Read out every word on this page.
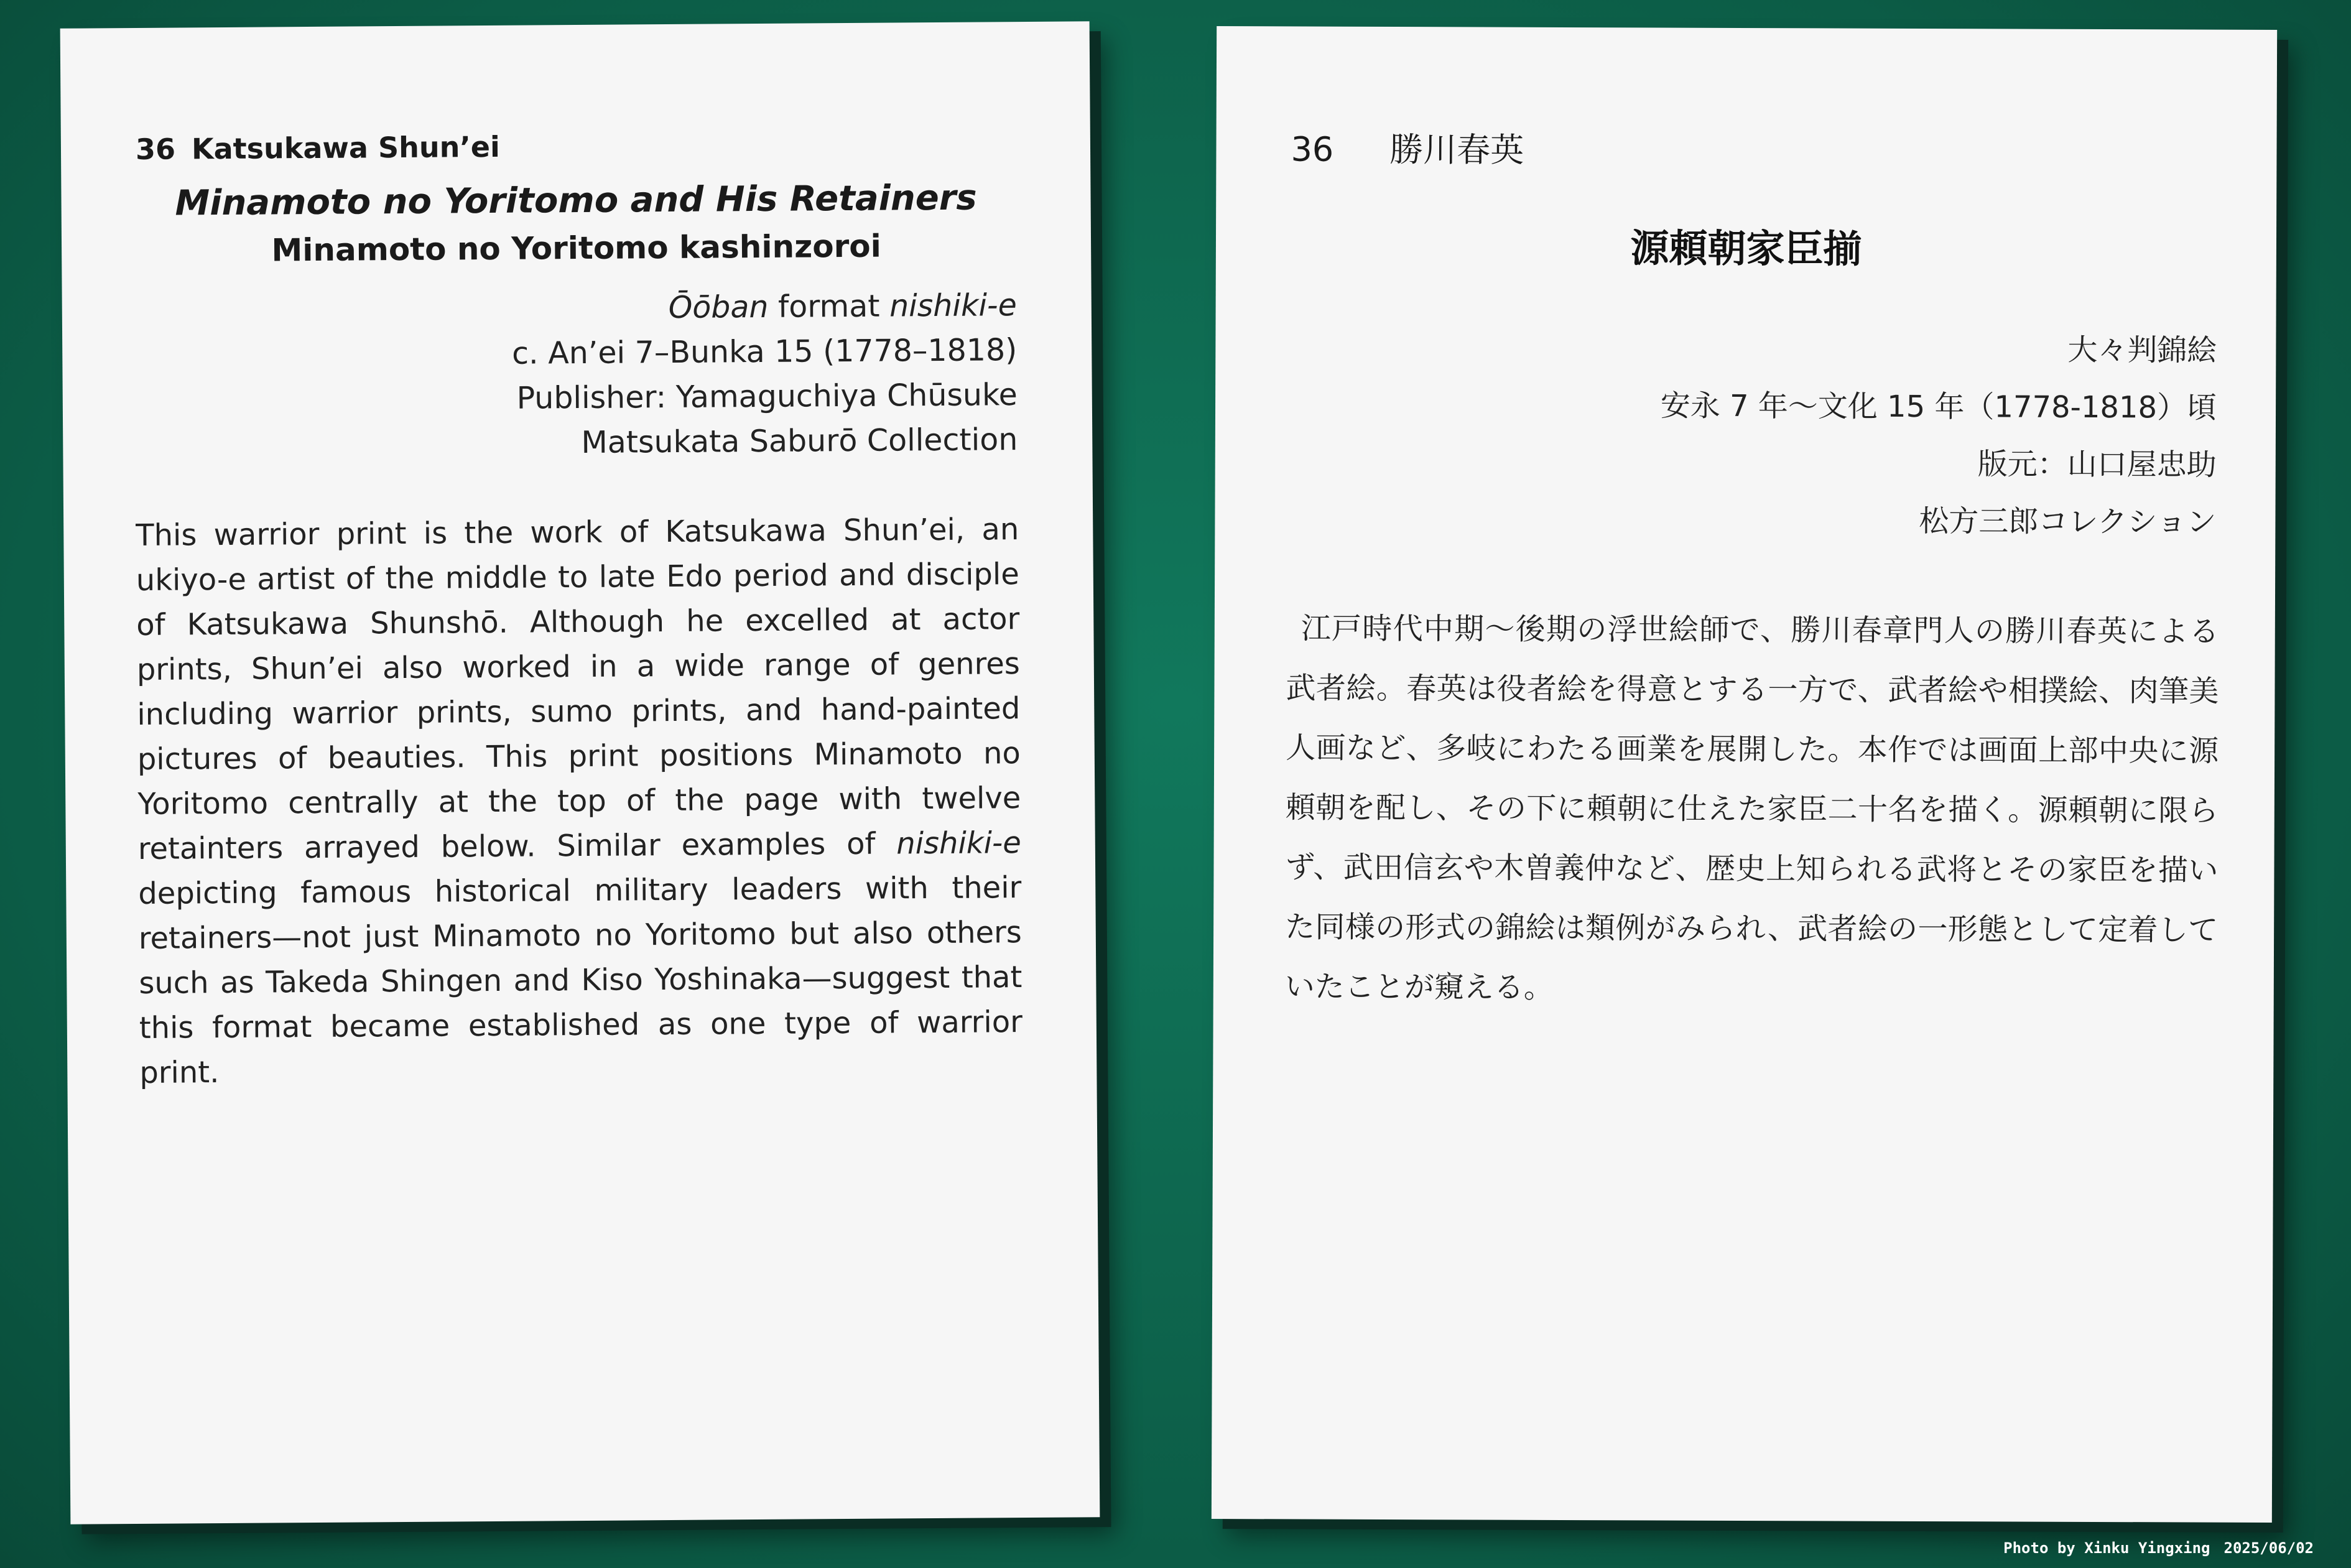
36 Katsukawa Shun’ei
Minamoto no Yoritomo and His Retainers
Minamoto no Yoritomo kashinzoroi
Ōōban format nishiki-e
c. An’ei 7–Bunka 15 (1778–1818)
Publisher: Yamaguchiya Chūsuke
Matsukata Saburō Collection
This warrior print is the work of Katsukawa Shun’ei, an ukiyo-e artist of the middle to late Edo period and disciple of Katsukawa Shunshō. Although he excelled at actor prints, Shun’ei also worked in a wide range of genres including warrior prints, sumo prints, and hand-painted pictures of beauties. This print positions Minamoto no Yoritomo centrally at the top of the page with twelve retainters arrayed below. Similar examples of nishiki-e depicting famous historical military leaders with their retainers—not just Minamoto no Yoritomo but also others such as Takeda Shingen and Kiso Yoshinaka—suggest that this format became established as one type of warrior print.
36 勝川春英
源頼朝家臣揃
大々判錦絵
安永 7 年～文化 15 年（1778-1818）頃
版元：山口屋忠助
松方三郎コレクション

江戸時代中期～後期の浮世絵師で、勝川春章門人の勝川春英による武者絵。春英は役者絵を得意とする一方で、武者絵や相撲絵、肉筆美人画など、多岐にわたる画業を展開した。本作では画面上部中央に源頼朝を配し、その下に頼朝に仕えた家臣二十名を描く。源頼朝に限らず、武田信玄や木曽義仲など、歴史上知られる武将とその家臣を描いた同様の形式の錦絵は類例がみられ、武者絵の一形態として定着していたことが窺える。

Photo by Xinku Yingxing 2025/06/02
